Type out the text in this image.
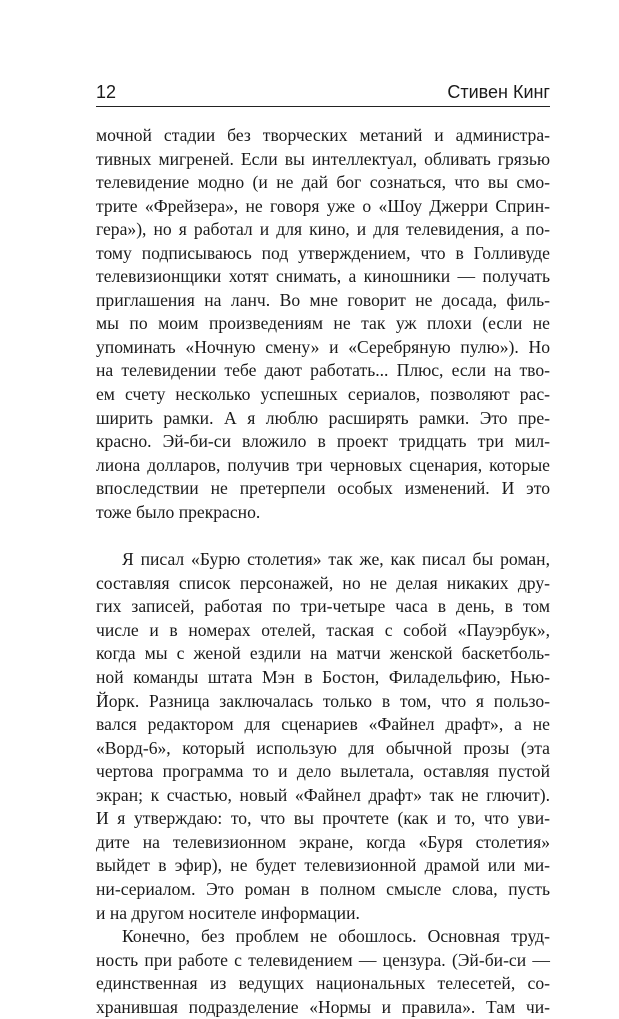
12	Стивен Кинг
мочной стадии без творческих метаний и администра-
тивных мигреней. Если вы интеллектуал, обливать грязью
телевидение модно (и не дай бог сознаться, что вы смо-
трите «Фрейзера», не говоря уже о «Шоу Джерри Сприн-
гера»), но я работал и для кино, и для телевидения, а по-
тому подписываюсь под утверждением, что в Голливуде
телевизионщики хотят снимать, а киношники — получать
приглашения на ланч. Во мне говорит не досада, филь-
мы по моим произведениям не так уж плохи (если не
упоминать «Ночную смену» и «Серебряную пулю»). Но
на телевидении тебе дают работать... Плюс, если на тво-
ем счету несколько успешных сериалов, позволяют рас-
ширить рамки. А я люблю расширять рамки. Это пре-
красно. Эй-би-си вложило в проект тридцать три мил-
лиона долларов, получив три черновых сценария, которые
впоследствии не претерпели особых изменений. И это
тоже было прекрасно.
Я писал «Бурю столетия» так же, как писал бы роман,
составляя список персонажей, но не делая никаких дру-
гих записей, работая по три-четыре часа в день, в том
числе и в номерах отелей, таская с собой «Пауэрбук»,
когда мы с женой ездили на матчи женской баскетболь-
ной команды штата Мэн в Бостон, Филадельфию, Нью-
Йорк. Разница заключалась только в том, что я пользо-
вался редактором для сценариев «Файнел драфт», а не
«Ворд-6», который использую для обычной прозы (эта
чертова программа то и дело вылетала, оставляя пустой
экран; к счастью, новый «Файнел драфт» так не глючит).
И я утверждаю: то, что вы прочтете (как и то, что уви-
дите на телевизионном экране, когда «Буря столетия»
выйдет в эфир), не будет телевизионной драмой или ми-
ни-сериалом. Это роман в полном смысле слова, пусть
и на другом носителе информации.
Конечно, без проблем не обошлось. Основная труд-
ность при работе с телевидением — цензура. (Эй-би-си —
единственная из ведущих национальных телесетей, со-
хранившая подразделение «Нормы и правила». Там чи-
